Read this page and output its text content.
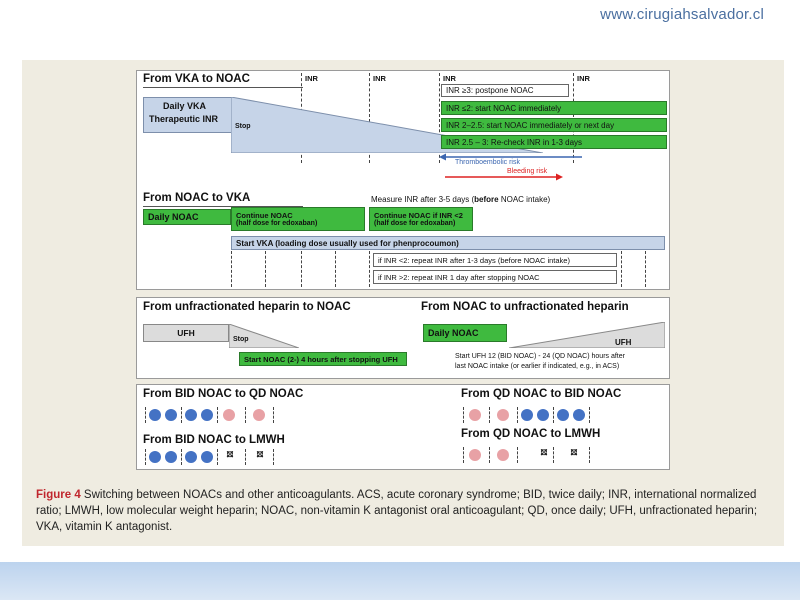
www.cirugiahsalvador.cl
From VKA to NOAC	INR	INR	INR	INR
Daily VKA
Therapeutic INR
Stop
INR ≥3: postpone NOAC
INR ≤2: start NOAC immediately
INR 2–2.5: start NOAC immediately or next day
INR 2.5 – 3: Re-check INR in 1-3 days
Thromboembolic risk
Bleeding risk
From NOAC to VKA	Measure INR after 3-5 days (before NOAC intake)
Daily NOAC	Continue NOAC
(half dose for edoxaban)
Continue NOAC if INR <2
(half dose for edoxaban)
Start VKA (loading dose usually used for phenprocoumon)
if INR <2: repeat INR after 1-3 days (before NOAC intake)
if INR >2: repeat INR 1 day after stopping NOAC
From unfractionated heparin to NOAC
UFH
Stop
Start NOAC (2-) 4 hours after stopping UFH
From NOAC to unfractionated heparin
Daily NOAC
UFH
Start UFH 12 (BID NOAC) - 24 (QD NOAC) hours after
last NOAC intake (or earlier if indicated, e.g., in ACS)
From BID NOAC to QD NOAC	From QD NOAC to BID NOAC
From BID NOAC to LMWH	From QD NOAC to LMWH
✥ ✥	✥ ✥
Figure 4 Switching between NOACs and other anticoagulants. ACS, acute coronary syndrome; BID, twice daily; INR, international normalized ratio; LMWH, low molecular weight heparin; NOAC, non-vitamin K antagonist oral anticoagulant; QD, once daily; UFH, unfractionated heparin; VKA, vitamin K antagonist.
